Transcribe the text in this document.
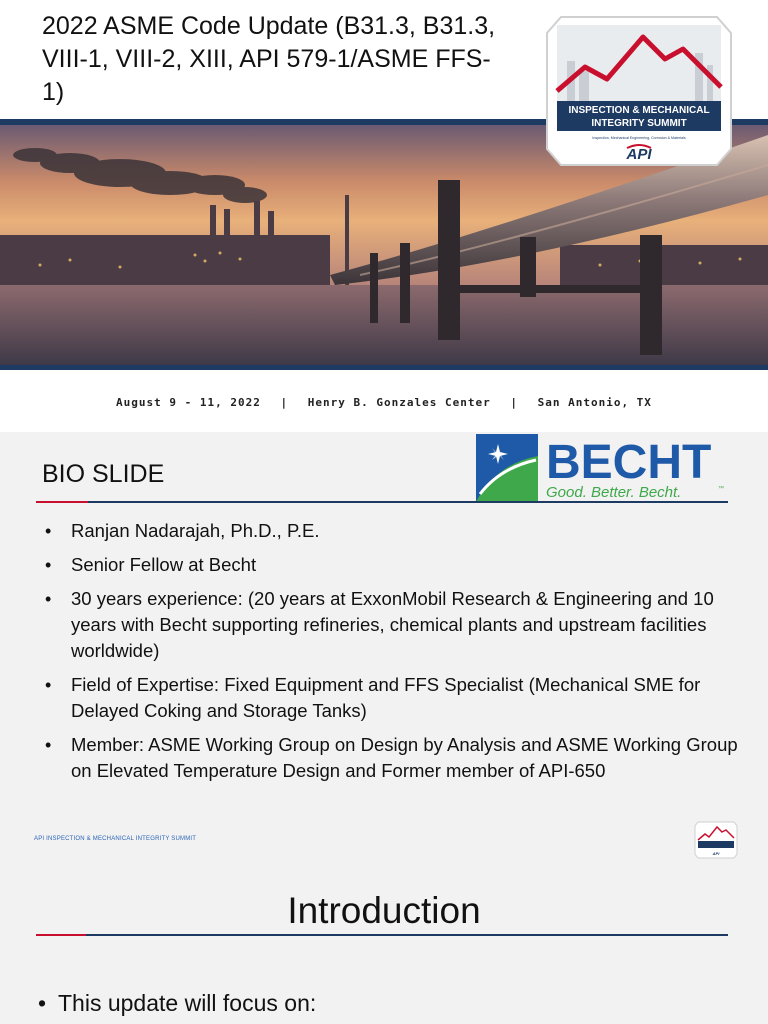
2022 ASME Code Update (B31.3, B31.3, VIII-1, VIII-2, XIII, API 579-1/ASME FFS-1)
INSPECTION & MECHANICAL
INTEGRITY SUMMIT
Inspection, Mechanical Engineering, Corrosion & Materials
API
August 9 - 11, 2022 | Henry B. Gonzales Center | San Antonio, TX
BIO SLIDE	BECHT
Good. Better. Becht.	™
• Ranjan Nadarajah, Ph.D., P.E.
• Senior Fellow at Becht
• 30 years experience: (20 years at ExxonMobil Research & Engineering and 10 years with Becht supporting refineries, chemical plants and upstream facilities worldwide)
• Field of Expertise: Fixed Equipment and FFS Specialist (Mechanical SME for Delayed Coking and Storage Tanks)
• Member: ASME Working Group on Design by Analysis and ASME Working Group on Elevated Temperature Design and Former member of API-650
API INSPECTION & MECHANICAL INTEGRITY SUMMIT
API
Introduction
• This update will focus on:
